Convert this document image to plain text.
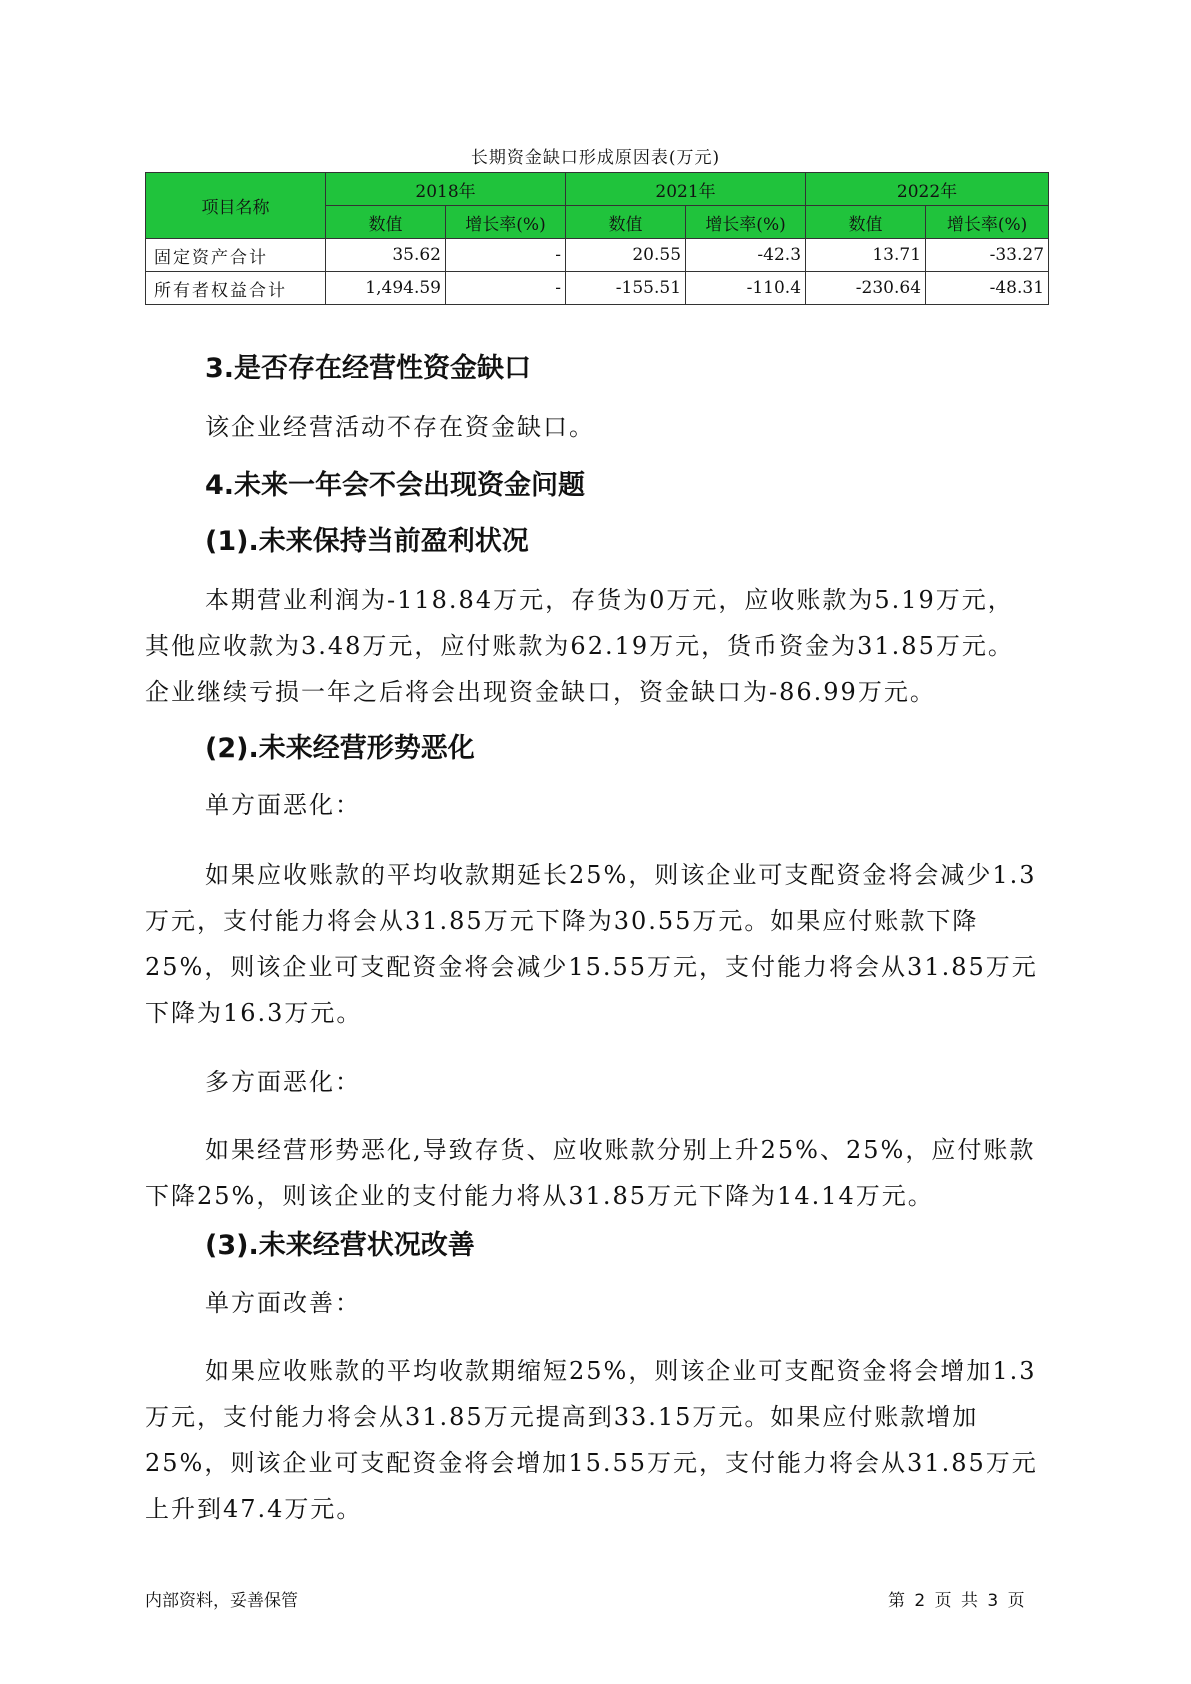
长期资金缺口形成原因表(万元)
项目名称	2018年		2021年		2022年	
	数值	增长率(%)	数值	增长率(%)	数值	增长率(%)
固定资产合计	35.62	-	20.55	-42.3	13.71	-33.27
所有者权益合计	1,494.59	-	-155.51	-110.4	-230.64	-48.31
3.是否存在经营性资金缺口
该企业经营活动不存在资金缺口。
4.未来一年会不会出现资金问题
(1).未来保持当前盈利状况
本期营业利润为-118.84万元，存货为0万元，应收账款为5.19万元，
其他应收款为3.48万元，应付账款为62.19万元，货币资金为31.85万元。
企业继续亏损一年之后将会出现资金缺口，资金缺口为-86.99万元。
(2).未来经营形势恶化
单方面恶化：
如果应收账款的平均收款期延长25%，则该企业可支配资金将会减少1.3
万元，支付能力将会从31.85万元下降为30.55万元。如果应付账款下降
25%，则该企业可支配资金将会减少15.55万元，支付能力将会从31.85万元
下降为16.3万元。
多方面恶化：
如果经营形势恶化,导致存货、应收账款分别上升25%、25%，应付账款
下降25%，则该企业的支付能力将从31.85万元下降为14.14万元。
(3).未来经营状况改善
单方面改善：
如果应收账款的平均收款期缩短25%，则该企业可支配资金将会增加1.3
万元，支付能力将会从31.85万元提高到33.15万元。如果应付账款增加
25%，则该企业可支配资金将会增加15.55万元，支付能力将会从31.85万元
上升到47.4万元。
内部资料，妥善保管	第 2 页 共 3 页
